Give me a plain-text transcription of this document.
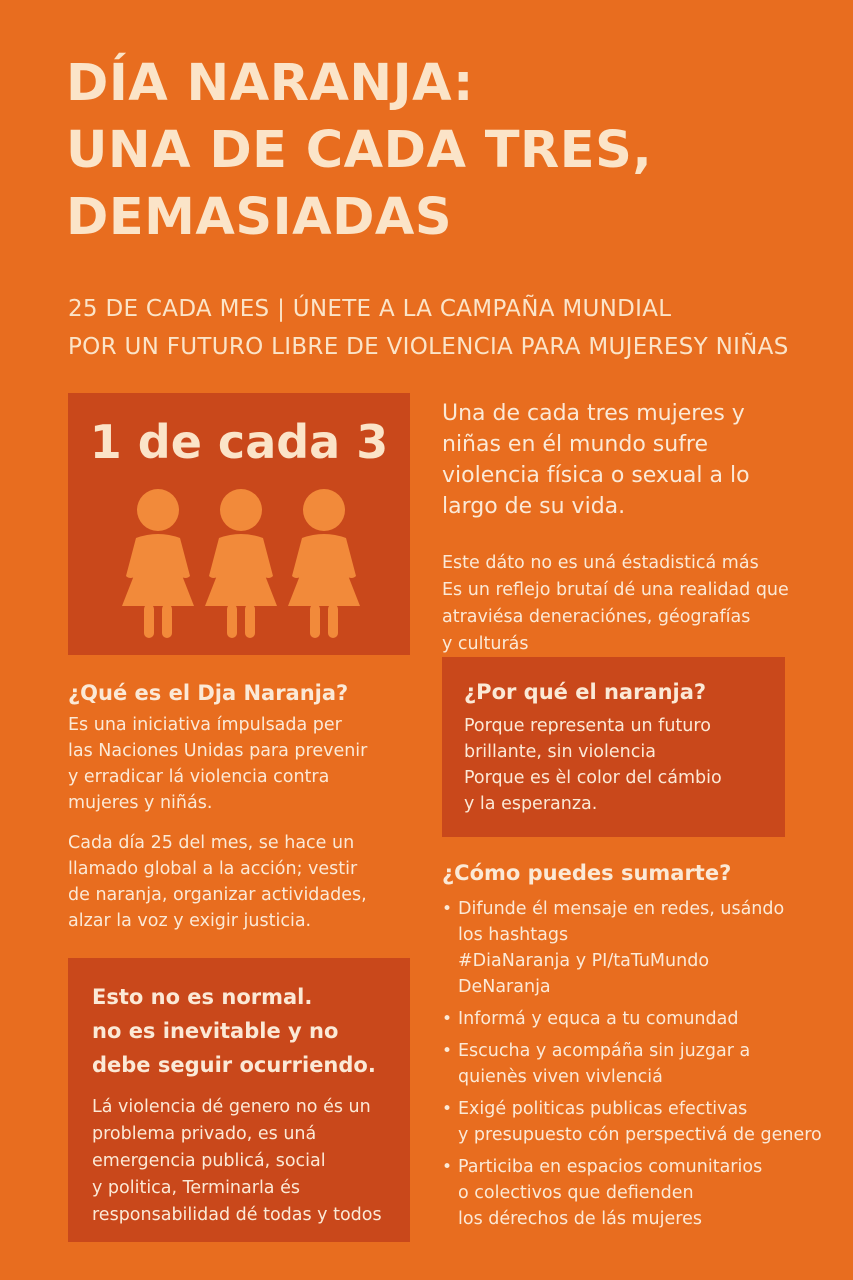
DÍA NARANJA:
UNA DE CADA TRES,
DEMASIADAS
25 DE CADA MES | ÚNETE A LA CAMPAÑA MUNDIAL
POR UN FUTURO LIBRE DE VIOLENCIA PARA MUJERESY NIÑAS
1 de cada 3
Una de cada tres mujeres y
niñas en él mundo sufre
violencia física o sexual a lo
largo de su vida.
Este dáto no es uná éstadisticá más
Es un reflejo brutaí dé una realidad que
atraviésa deneraciónes, géografías
y culturás
¿Qué es el Dja Naranja?
Es una iniciativa ímpulsada per
las Naciones Unidas para prevenir
y erradicar lá violencia contra
mujeres y niñás.
Cada día 25 del mes, se hace un
llamado global a la acción; vestir
de naranja, organizar actividades,
alzar la voz y exigir justicia.
¿Por qué el naranja?
Porque representa un futuro
brillante, sin violencia
Porque es èl color del cámbio
y la esperanza.
Esto no es normal.
no es inevitable y no
debe seguir ocurriendo.
Lá violencia dé genero no és un
problema privado, es uná
emergencia publicá, social
y politica, Terminarla és
responsabilidad dé todas y todos
¿Cómo puedes sumarte?
• Difunde él mensaje en redes, usándo
los hashtags
#DiaNaranja y PI/taTuMundo
DeNaranja
• Informá y equca a tu comundad
• Escucha y acompáña sin juzgar a
quienès viven vivlenciá
• Exigé politicas publicas efectivas
y presupuesto cón perspectivá de genero
• Particiba en espacios comunitarios
o colectivos que defienden
los dérechos de lás mujeres
